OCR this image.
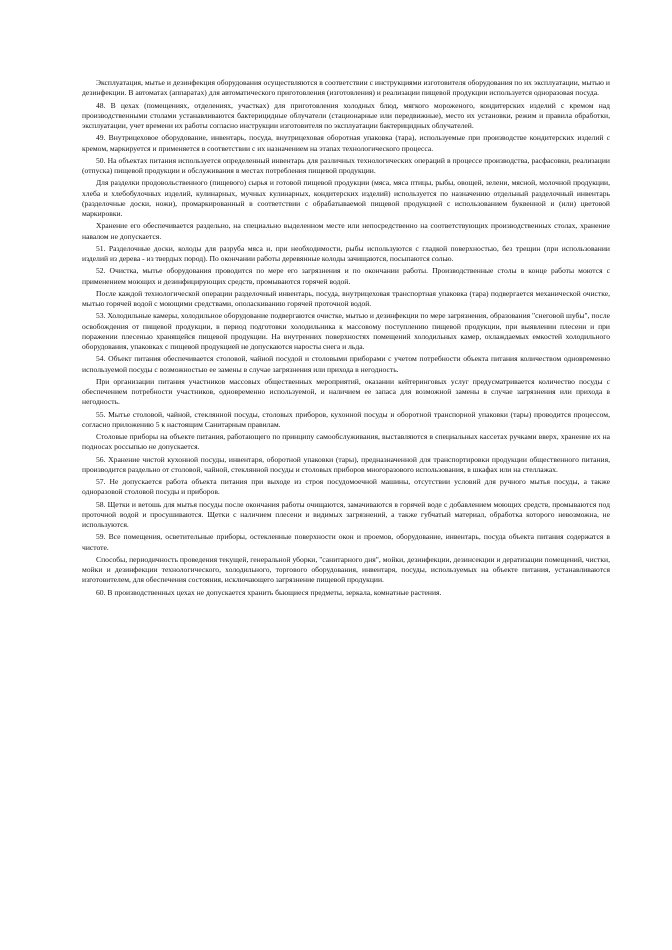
Эксплуатация, мытье и дезинфекция оборудования осуществляются в соответствии с инструкциями изготовителя оборудования по их эксплуатации, мытью и дезинфекции. В автоматах (аппаратах) для автоматического приготовления (изготовления) и реализации пищевой продукции используется одноразовая посуда.

48. В цехах (помещениях, отделениях, участках) для приготовления холодных блюд, мягкого мороженого, кондитерских изделий с кремом над производственными столами устанавливаются бактерицидные облучатели (стационарные или передвижные), место их установки, режим и правила обработки, эксплуатации, учет времени их работы согласно инструкции изготовителя по эксплуатации бактерицидных облучателей.

49. Внутрицеховое оборудование, инвентарь, посуда, внутрицеховая оборотная упаковка (тара), используемые при производстве кондитерских изделий с кремом, маркируется и применяется в соответствии с их назначением на этапах технологического процесса.

50. На объектах питания используется определенный инвентарь для различных технологических операций в процессе производства, расфасовки, реализации (отпуска) пищевой продукции и обслуживания в местах потребления пищевой продукции.

Для разделки продовольственного (пищевого) сырья и готовой пищевой продукции (мяса, мяса птицы, рыбы, овощей, зелени, мясной, молочной продукции, хлеба и хлебобулочных изделий, кулинарных, мучных кулинарных, кондитерских изделий) используется по назначению отдельный разделочный инвентарь (разделочные доски, ножи), промаркированный в соответствии с обрабатываемой пищевой продукцией с использованием буквенной и (или) цветовой маркировки.

Хранение его обеспечивается раздельно, на специально выделенном месте или непосредственно на соответствующих производственных столах, хранение навалом не допускается.

51. Разделочные доски, колоды для разруба мяса и, при необходимости, рыбы используются с гладкой поверхностью, без трещин (при использовании изделий из дерева - из твердых пород). По окончании работы деревянные колоды зачищаются, посыпаются солью.

52. Очистка, мытье оборудования проводится по мере его загрязнения и по окончании работы. Производственные столы в конце работы моются с применением моющих и дезинфицирующих средств, промываются горячей водой.

После каждой технологической операции разделочный инвентарь, посуда, внутрицеховая транспортная упаковка (тара) подвергается механической очистке, мытью горячей водой с моющими средствами, ополаскиванию горячей проточной водой.

53. Холодильные камеры, холодильное оборудование подвергаются очистке, мытью и дезинфекции по мере загрязнения, образования "снеговой шубы", после освобождения от пищевой продукции, в период подготовки холодильника к массовому поступлению пищевой продукции, при выявлении плесени и при поражении плесенью хранящейся пищевой продукции. На внутренних поверхностях помещений холодильных камер, охлаждаемых емкостей холодильного оборудования, упаковках с пищевой продукцией не допускаются наросты снега и льда.

54. Объект питания обеспечивается столовой, чайной посудой и столовыми приборами с учетом потребности объекта питания количеством одновременно используемой посуды с возможностью ее замены в случае загрязнения или прихода в негодность.

При организации питания участников массовых общественных мероприятий, оказании кейтеринговых услуг предусматривается количество посуды с обеспечением потребности участников, одновременно используемой, и наличием ее запаса для возможной замены в случае загрязнения или прихода в негодность.

55. Мытье столовой, чайной, стеклянной посуды, столовых приборов, кухонной посуды и оборотной транспорной упаковки (тары) проводится процессом, согласно приложению 5 к настоящим Санитарным правилам.

Столовые приборы на объекте питания, работающего по принципу самообслуживания, выставляются в специальных кассетах ручками вверх, хранение их на подносах россыпью не допускается.

56. Хранение чистой кухонной посуды, инвентаря, оборотной упаковки (тары), предназначенной для транспортировки продукции общественного питания, производится раздельно от столовой, чайной, стеклянной посуды и столовых приборов многоразового использования, в шкафах или на стеллажах.

57. Не допускается работа объекта питания при выходе из строя посудомоечной машины, отсутствии условий для ручного мытья посуды, а также одноразовой столовой посуды и приборов.

58. Щетки и ветошь для мытья посуды после окончания работы очищаются, замачиваются в горячей воде с добавлением моющих средств, промываются под проточной водой и просушиваются. Щетки с наличием плесени и видимых загрязнений, а также губчатый материал, обработка которого невозможна, не используются.

59. Все помещения, осветительные приборы, остекленные поверхности окон и проемов, оборудование, инвентарь, посуда объекта питания содержатся в чистоте.

Способы, периодичность проведения текущей, генеральной уборки, "санитарного дня", мойки, дезинфекции, дезинсекции и дератизации помещений, чистки, мойки и дезинфекции технологического, холодильного, торгового оборудования, инвентаря, посуды, используемых на объекте питания, устанавливаются изготовителем, для обеспечения состояния, исключающего загрязнение пищевой продукции.

60. В производственных цехах не допускается хранить бьющиеся предметы, зеркала, комнатные растения.
